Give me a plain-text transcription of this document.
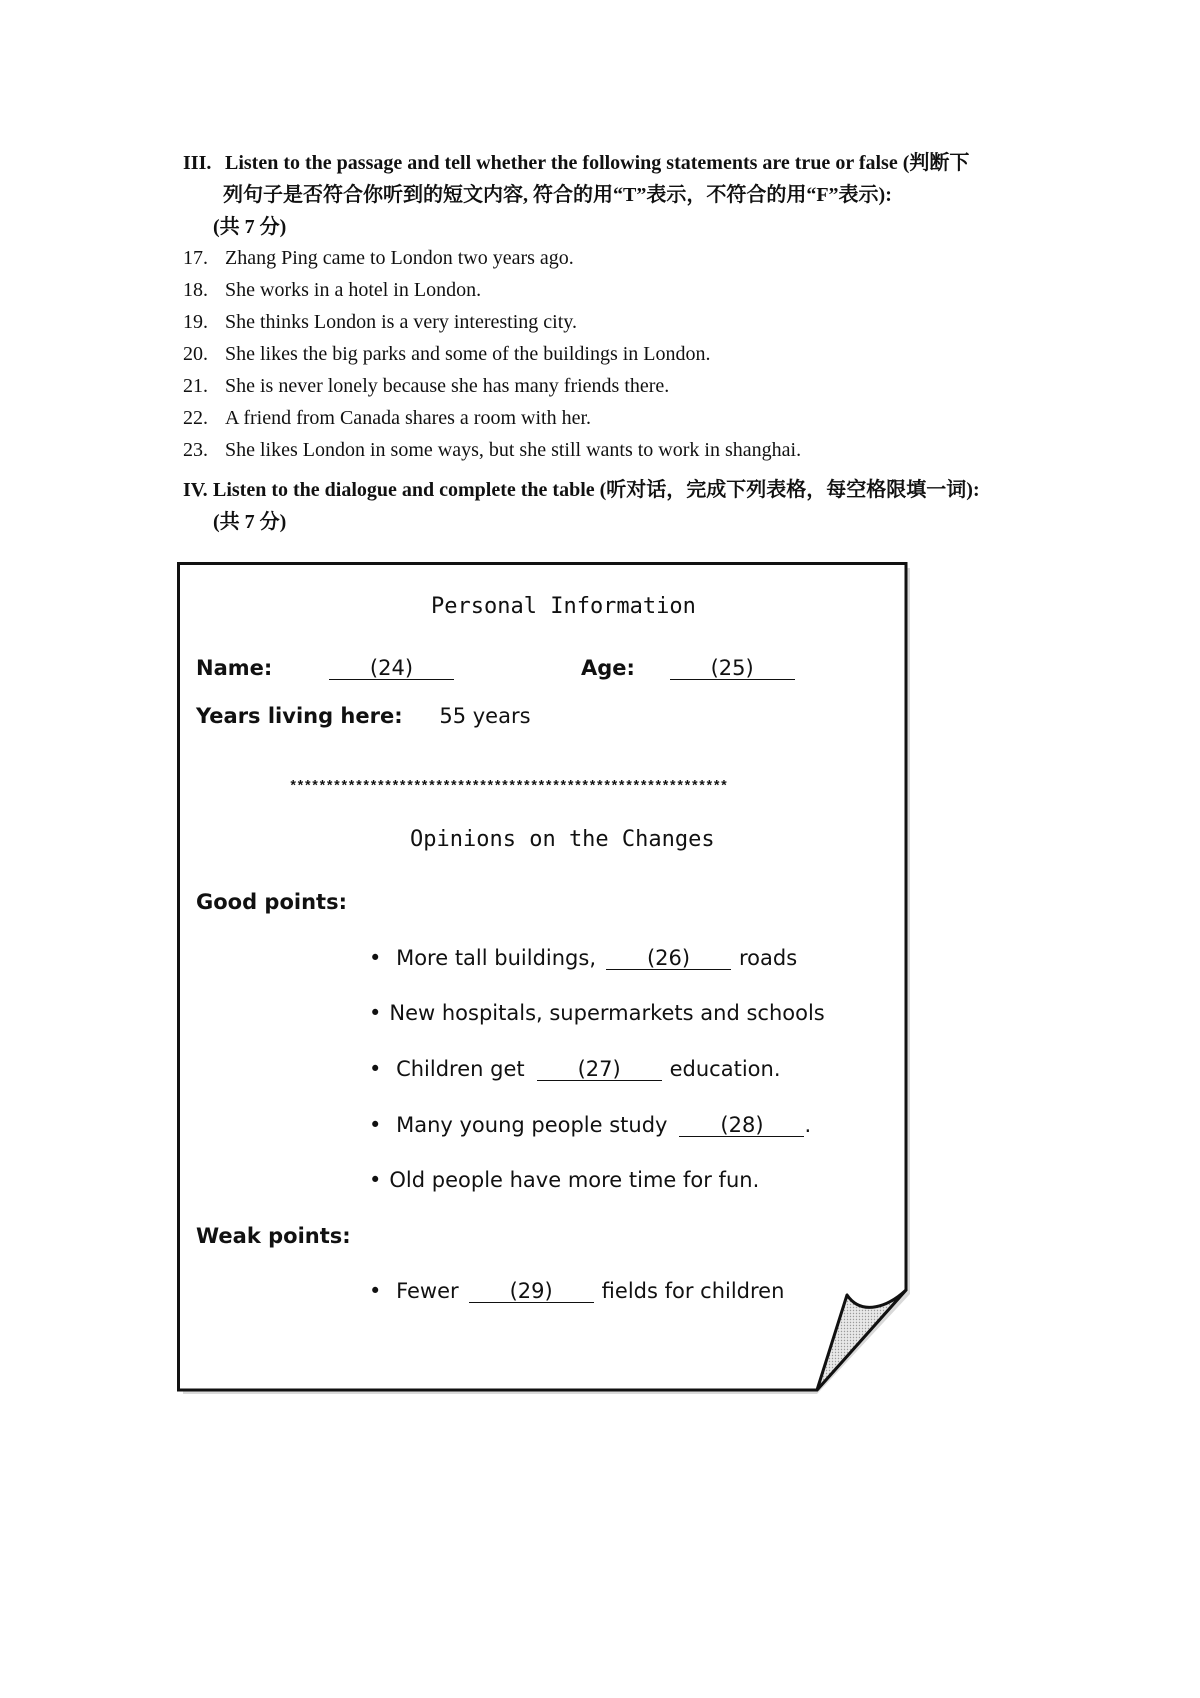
III. Listen to the passage and tell whether the following statements are true or false (判断下
列句子是否符合你听到的短文内容, 符合的用“T”表示，不符合的用“F”表示):
(共 7 分)
17. Zhang Ping came to London two years ago.
18. She works in a hotel in London.
19. She thinks London is a very interesting city.
20. She likes the big parks and some of the buildings in London.
21. She is never lonely because she has many friends there.
22. A friend from Canada shares a room with her.
23. She likes London in some ways, but she still wants to work in shanghai.
IV. Listen to the dialogue and complete the table (听对话，完成下列表格，每空格限填一词):
(共 7 分)
Personal Information
Name:	(24)	Age:	(25)
Years living here: 55 years
************************************************************
Opinions on the Changes
Good points:
• More tall buildings, (26) roads
• New hospitals, supermarkets and schools
• Children get	(27) education.
• Many young people study	(28) .
• Old people have more time for fun.
Weak points:
• Fewer (29) fields for children
